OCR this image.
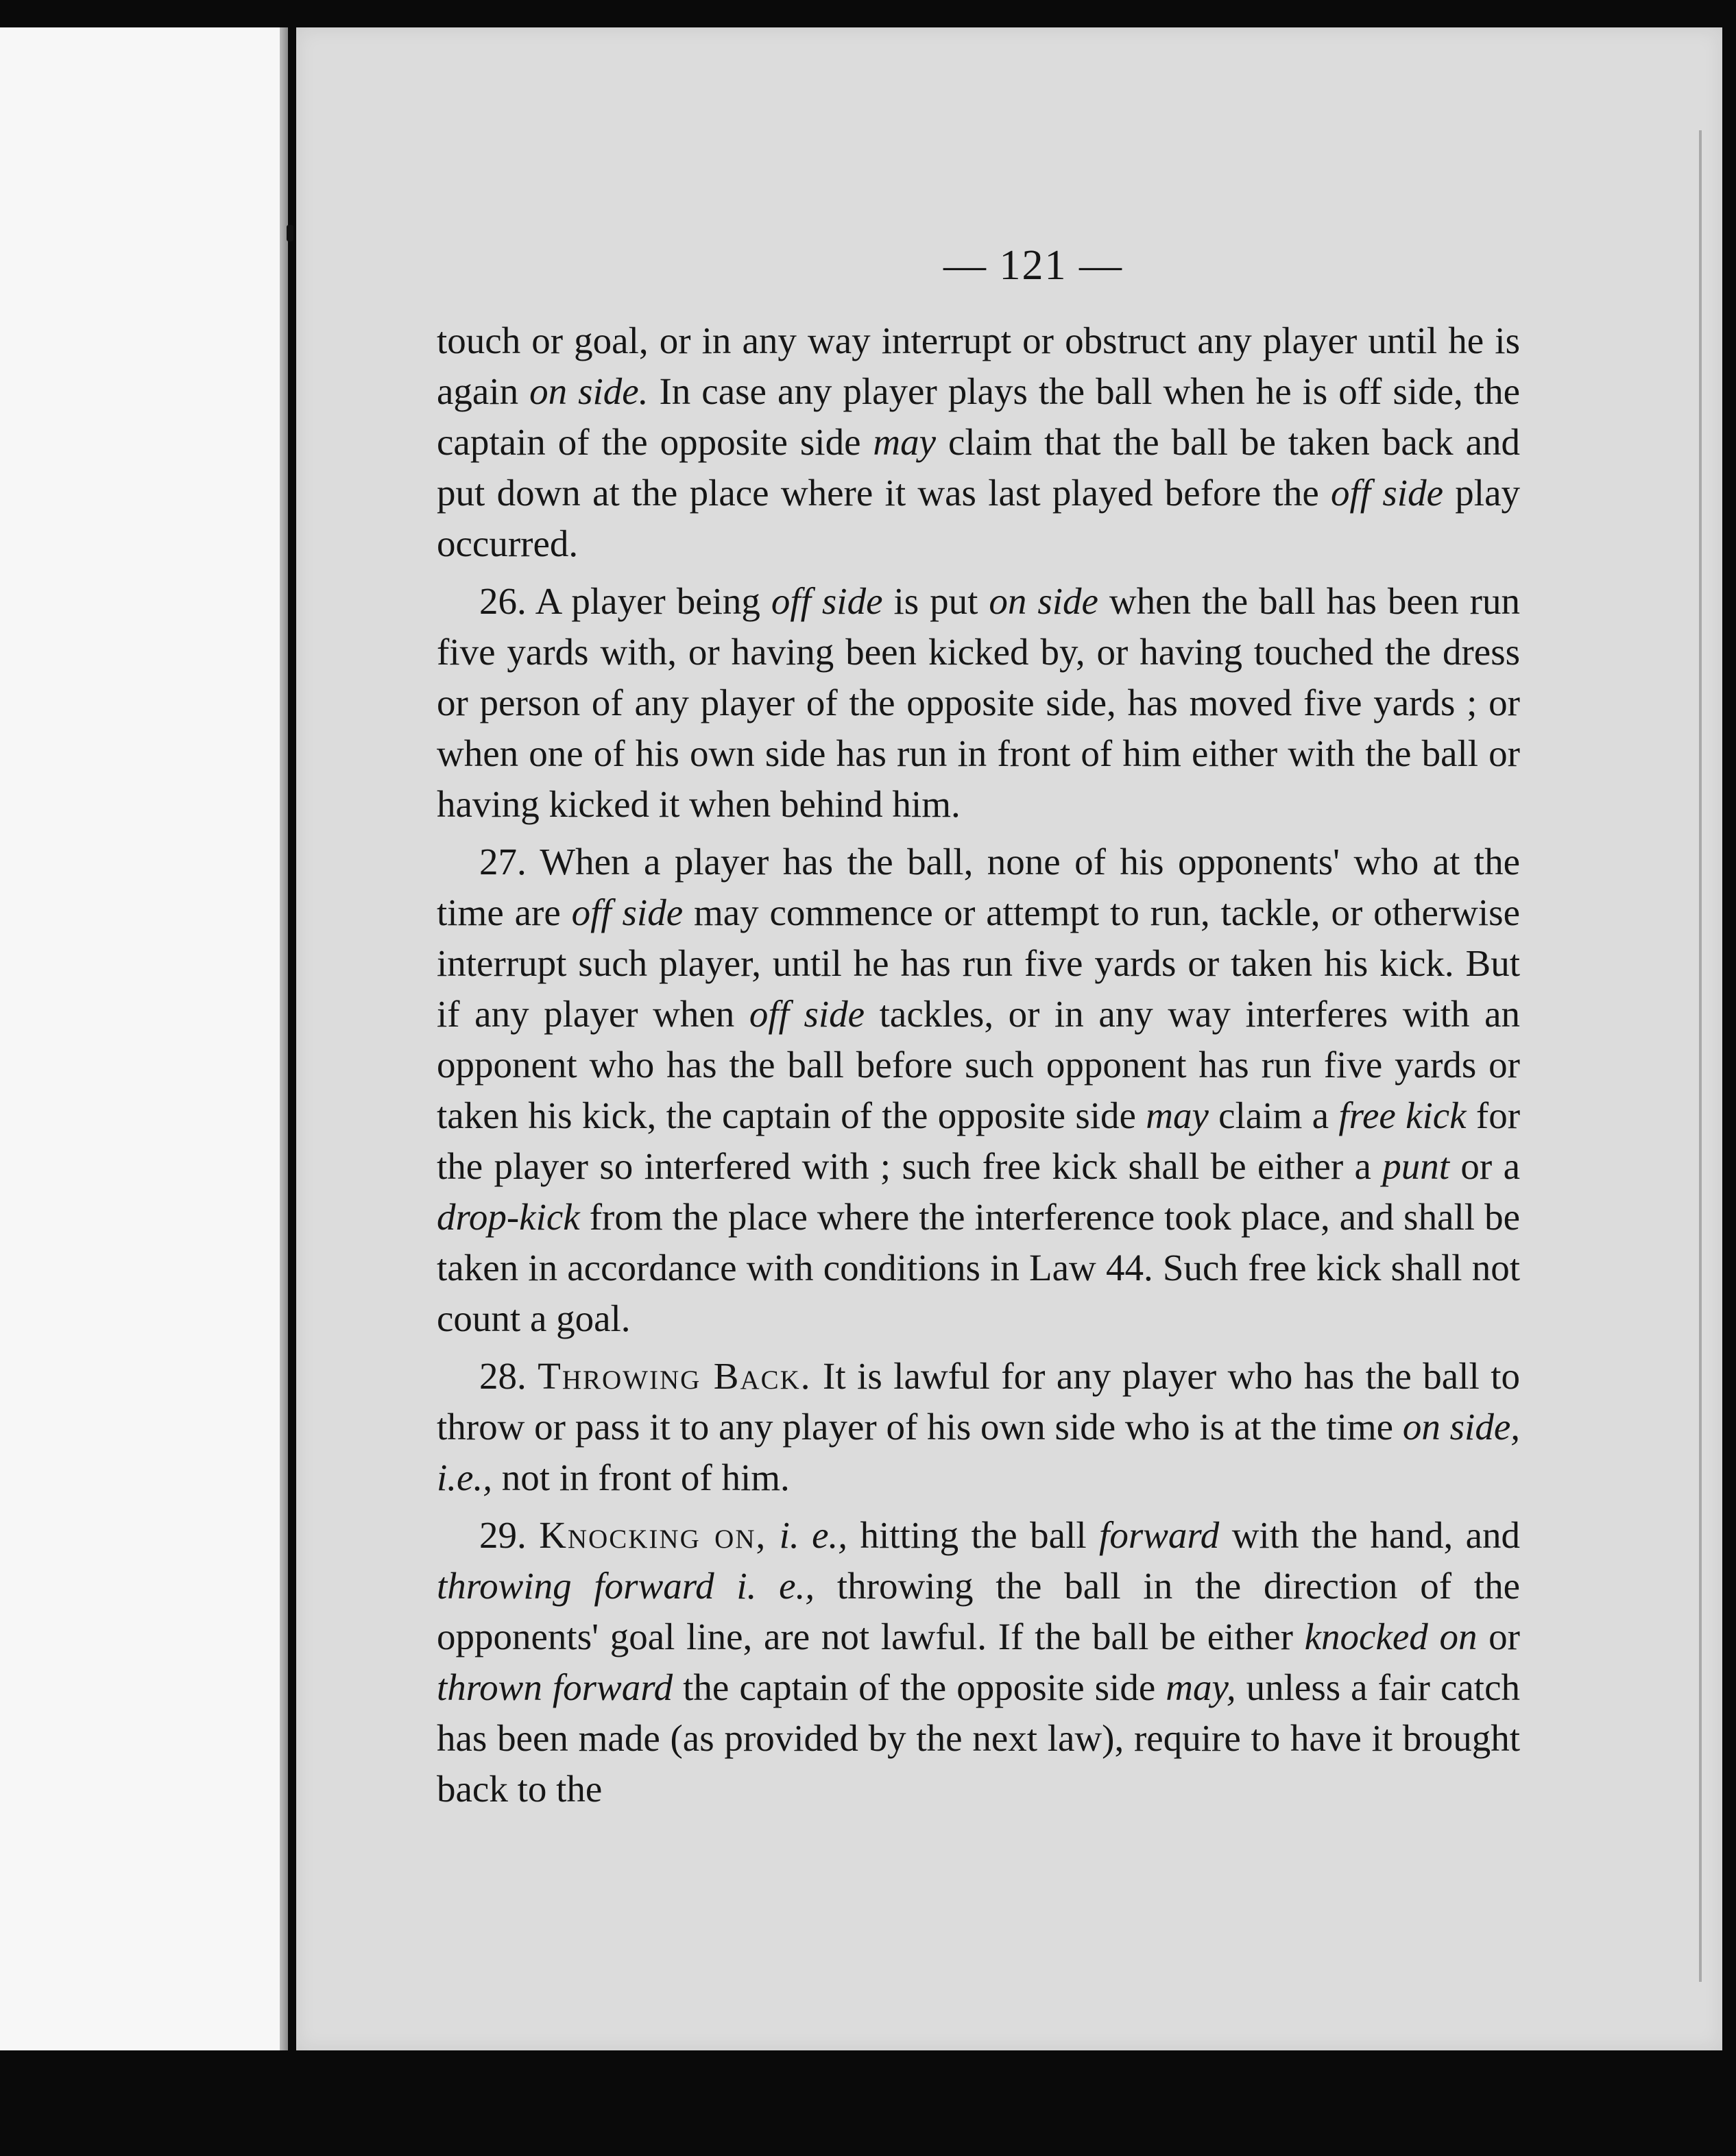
— 121 —

touch or goal, or in any way interrupt or obstruct any player until he is again on side. In case any player plays the ball when he is off side, the captain of the opposite side may claim that the ball be taken back and put down at the place where it was last played before the off side play occurred.

26. A player being off side is put on side when the ball has been run five yards with, or having been kicked by, or having touched the dress or person of any player of the opposite side, has moved five yards ; or when one of his own side has run in front of him either with the ball or having kicked it when behind him.

27. When a player has the ball, none of his opponents' who at the time are off side may commence or attempt to run, tackle, or otherwise interrupt such player, until he has run five yards or taken his kick. But if any player when off side tackles, or in any way interferes with an opponent who has the ball before such opponent has run five yards or taken his kick, the captain of the opposite side may claim a free kick for the player so interfered with ; such free kick shall be either a punt or a drop-kick from the place where the interference took place, and shall be taken in accordance with conditions in Law 44. Such free kick shall not count a goal.

28. Throwing Back. It is lawful for any player who has the ball to throw or pass it to any player of his own side who is at the time on side, i.e., not in front of him.

29. Knocking on, i. e., hitting the ball forward with the hand, and throwing forward i. e., throwing the ball in the direction of the opponents' goal line, are not lawful. If the ball be either knocked on or thrown forward the captain of the opposite side may, unless a fair catch has been made (as provided by the next law), require to have it brought back to the
